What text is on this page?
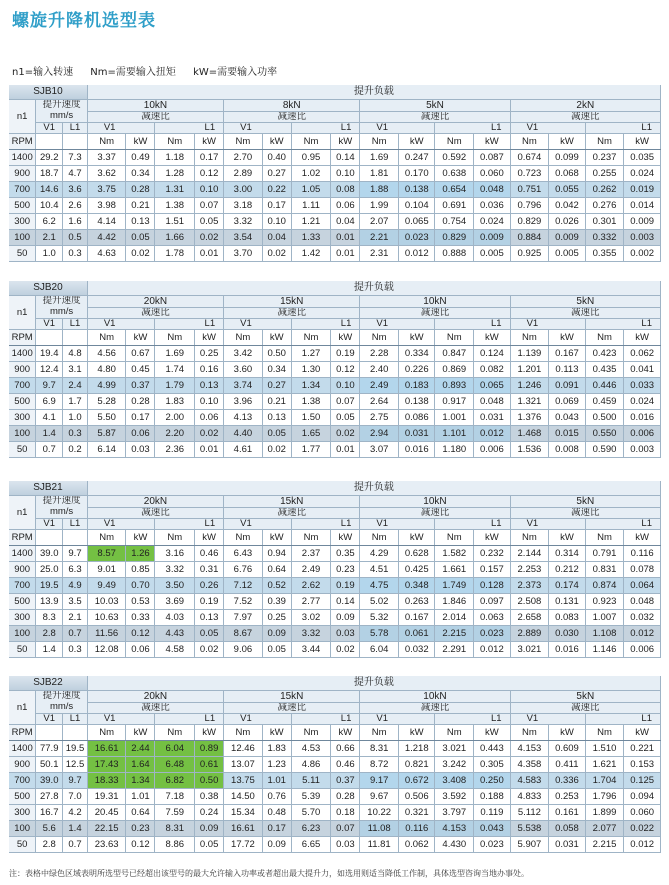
螺旋升降机选型表
n1=输入转速 Nm=需要输入扭矩 kW=需要输入功率
SJB10			提升负载															
n1	提升速度
mm/s		10kN				8kN				5kN				2kN			
			减速比				减速比				减速比				减速比			
	V1	L1	V1		L1		V1		L1		V1		L1		V1		L1	
RPM			Nm	kW	Nm	kW	Nm	kW	Nm	kW	Nm	kW	Nm	kW	Nm	kW	Nm	kW
1400	29.2	7.3	3.37	0.49	1.18	0.17	2.70	0.40	0.95	0.14	1.69	0.247	0.592	0.087	0.674	0.099	0.237	0.035
900	18.7	4.7	3.62	0.34	1.28	0.12	2.89	0.27	1.02	0.10	1.81	0.170	0.638	0.060	0.723	0.068	0.255	0.024
700	14.6	3.6	3.75	0.28	1.31	0.10	3.00	0.22	1.05	0.08	1.88	0.138	0.654	0.048	0.751	0.055	0.262	0.019
500	10.4	2.6	3.98	0.21	1.38	0.07	3.18	0.17	1.11	0.06	1.99	0.104	0.691	0.036	0.796	0.042	0.276	0.014
300	6.2	1.6	4.14	0.13	1.51	0.05	3.32	0.10	1.21	0.04	2.07	0.065	0.754	0.024	0.829	0.026	0.301	0.009
100	2.1	0.5	4.42	0.05	1.66	0.02	3.54	0.04	1.33	0.01	2.21	0.023	0.829	0.009	0.884	0.009	0.332	0.003
50	1.0	0.3	4.63	0.02	1.78	0.01	3.70	0.02	1.42	0.01	2.31	0.012	0.888	0.005	0.925	0.005	0.355	0.002
SJB20			提升负载															
n1	提升速度
mm/s		20kN				15kN				10kN				5kN			
			减速比				减速比				减速比				减速比			
	V1	L1	V1		L1		V1		L1		V1		L1		V1		L1	
RPM			Nm	kW	Nm	kW	Nm	kW	Nm	kW	Nm	kW	Nm	kW	Nm	kW	Nm	kW
1400	19.4	4.8	4.56	0.67	1.69	0.25	3.42	0.50	1.27	0.19	2.28	0.334	0.847	0.124	1.139	0.167	0.423	0.062
900	12.4	3.1	4.80	0.45	1.74	0.16	3.60	0.34	1.30	0.12	2.40	0.226	0.869	0.082	1.201	0.113	0.435	0.041
700	9.7	2.4	4.99	0.37	1.79	0.13	3.74	0.27	1.34	0.10	2.49	0.183	0.893	0.065	1.246	0.091	0.446	0.033
500	6.9	1.7	5.28	0.28	1.83	0.10	3.96	0.21	1.38	0.07	2.64	0.138	0.917	0.048	1.321	0.069	0.459	0.024
300	4.1	1.0	5.50	0.17	2.00	0.06	4.13	0.13	1.50	0.05	2.75	0.086	1.001	0.031	1.376	0.043	0.500	0.016
100	1.4	0.3	5.87	0.06	2.20	0.02	4.40	0.05	1.65	0.02	2.94	0.031	1.101	0.012	1.468	0.015	0.550	0.006
50	0.7	0.2	6.14	0.03	2.36	0.01	4.61	0.02	1.77	0.01	3.07	0.016	1.180	0.006	1.536	0.008	0.590	0.003
SJB21			提升负载															
n1	提升速度
mm/s		20kN				15kN				10kN				5kN			
			减速比				减速比				减速比				减速比			
	V1	L1	V1		L1		V1		L1		V1		L1		V1		L1	
RPM			Nm	kW	Nm	kW	Nm	kW	Nm	kW	Nm	kW	Nm	kW	Nm	kW	Nm	kW
1400	39.0	9.7	8.57	1.26	3.16	0.46	6.43	0.94	2.37	0.35	4.29	0.628	1.582	0.232	2.144	0.314	0.791	0.116
900	25.0	6.3	9.01	0.85	3.32	0.31	6.76	0.64	2.49	0.23	4.51	0.425	1.661	0.157	2.253	0.212	0.831	0.078
700	19.5	4.9	9.49	0.70	3.50	0.26	7.12	0.52	2.62	0.19	4.75	0.348	1.749	0.128	2.373	0.174	0.874	0.064
500	13.9	3.5	10.03	0.53	3.69	0.19	7.52	0.39	2.77	0.14	5.02	0.263	1.846	0.097	2.508	0.131	0.923	0.048
300	8.3	2.1	10.63	0.33	4.03	0.13	7.97	0.25	3.02	0.09	5.32	0.167	2.014	0.063	2.658	0.083	1.007	0.032
100	2.8	0.7	11.56	0.12	4.43	0.05	8.67	0.09	3.32	0.03	5.78	0.061	2.215	0.023	2.889	0.030	1.108	0.012
50	1.4	0.3	12.08	0.06	4.58	0.02	9.06	0.05	3.44	0.02	6.04	0.032	2.291	0.012	3.021	0.016	1.146	0.006
SJB22			提升负载															
n1	提升速度
mm/s		20kN				15kN				10kN				5kN			
			减速比				减速比				减速比				减速比			
	V1	L1	V1		L1		V1		L1		V1		L1		V1		L1	
RPM			Nm	kW	Nm	kW	Nm	kW	Nm	kW	Nm	kW	Nm	kW	Nm	kW	Nm	kW
1400	77.9	19.5	16.61	2.44	6.04	0.89	12.46	1.83	4.53	0.66	8.31	1.218	3.021	0.443	4.153	0.609	1.510	0.221
900	50.1	12.5	17.43	1.64	6.48	0.61	13.07	1.23	4.86	0.46	8.72	0.821	3.242	0.305	4.358	0.411	1.621	0.153
700	39.0	9.7	18.33	1.34	6.82	0.50	13.75	1.01	5.11	0.37	9.17	0.672	3.408	0.250	4.583	0.336	1.704	0.125
500	27.8	7.0	19.31	1.01	7.18	0.38	14.50	0.76	5.39	0.28	9.67	0.506	3.592	0.188	4.833	0.253	1.796	0.094
300	16.7	4.2	20.45	0.64	7.59	0.24	15.34	0.48	5.70	0.18	10.22	0.321	3.797	0.119	5.112	0.161	1.899	0.060
100	5.6	1.4	22.15	0.23	8.31	0.09	16.61	0.17	6.23	0.07	11.08	0.116	4.153	0.043	5.538	0.058	2.077	0.022
50	2.8	0.7	23.63	0.12	8.86	0.05	17.72	0.09	6.65	0.03	11.81	0.062	4.430	0.023	5.907	0.031	2.215	0.012
注：表格中绿色区域表明所选型号已经超出该型号的最大允许输入功率或者超出最大提升力，如选用则适当降低工作制，具体选型咨询当地办事处。
